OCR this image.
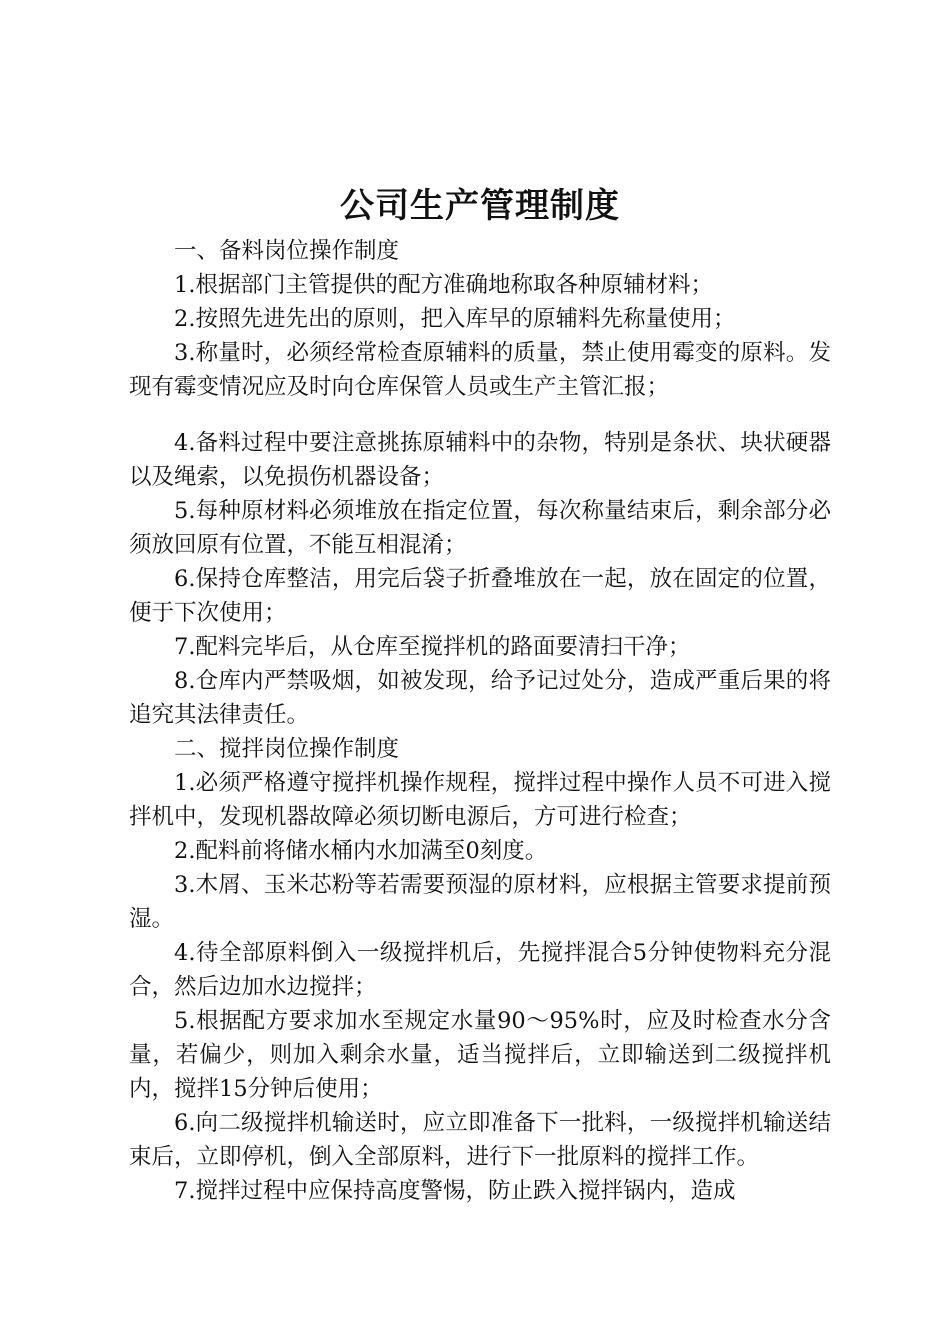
公司生产管理制度

一、备料岗位操作制度

1.根据部门主管提供的配方准确地称取各种原辅材料；

2.按照先进先出的原则，把入库早的原辅料先称量使用；

3.称量时，必须经常检查原辅料的质量，禁止使用霉变的原料。发现有霉变情况应及时向仓库保管人员或生产主管汇报；

4.备料过程中要注意挑拣原辅料中的杂物，特别是条状、块状硬器以及绳索，以免损伤机器设备；

5.每种原材料必须堆放在指定位置，每次称量结束后，剩余部分必须放回原有位置，不能互相混淆；

6.保持仓库整洁，用完后袋子折叠堆放在一起，放在固定的位置，便于下次使用；

7.配料完毕后，从仓库至搅拌机的路面要清扫干净；

8.仓库内严禁吸烟，如被发现，给予记过处分，造成严重后果的将追究其法律责任。

二、搅拌岗位操作制度

1.必须严格遵守搅拌机操作规程，搅拌过程中操作人员不可进入搅拌机中，发现机器故障必须切断电源后，方可进行检查；

2.配料前将储水桶内水加满至0刻度。

3.木屑、玉米芯粉等若需要预湿的原材料，应根据主管要求提前预湿。

4.待全部原料倒入一级搅拌机后，先搅拌混合5分钟使物料充分混合，然后边加水边搅拌；

5.根据配方要求加水至规定水量90～95%时，应及时检查水分含量，若偏少，则加入剩余水量，适当搅拌后，立即输送到二级搅拌机内，搅拌15分钟后使用；

6.向二级搅拌机输送时，应立即准备下一批料，一级搅拌机输送结束后，立即停机，倒入全部原料，进行下一批原料的搅拌工作。

7.搅拌过程中应保持高度警惕，防止跌入搅拌锅内，造成
